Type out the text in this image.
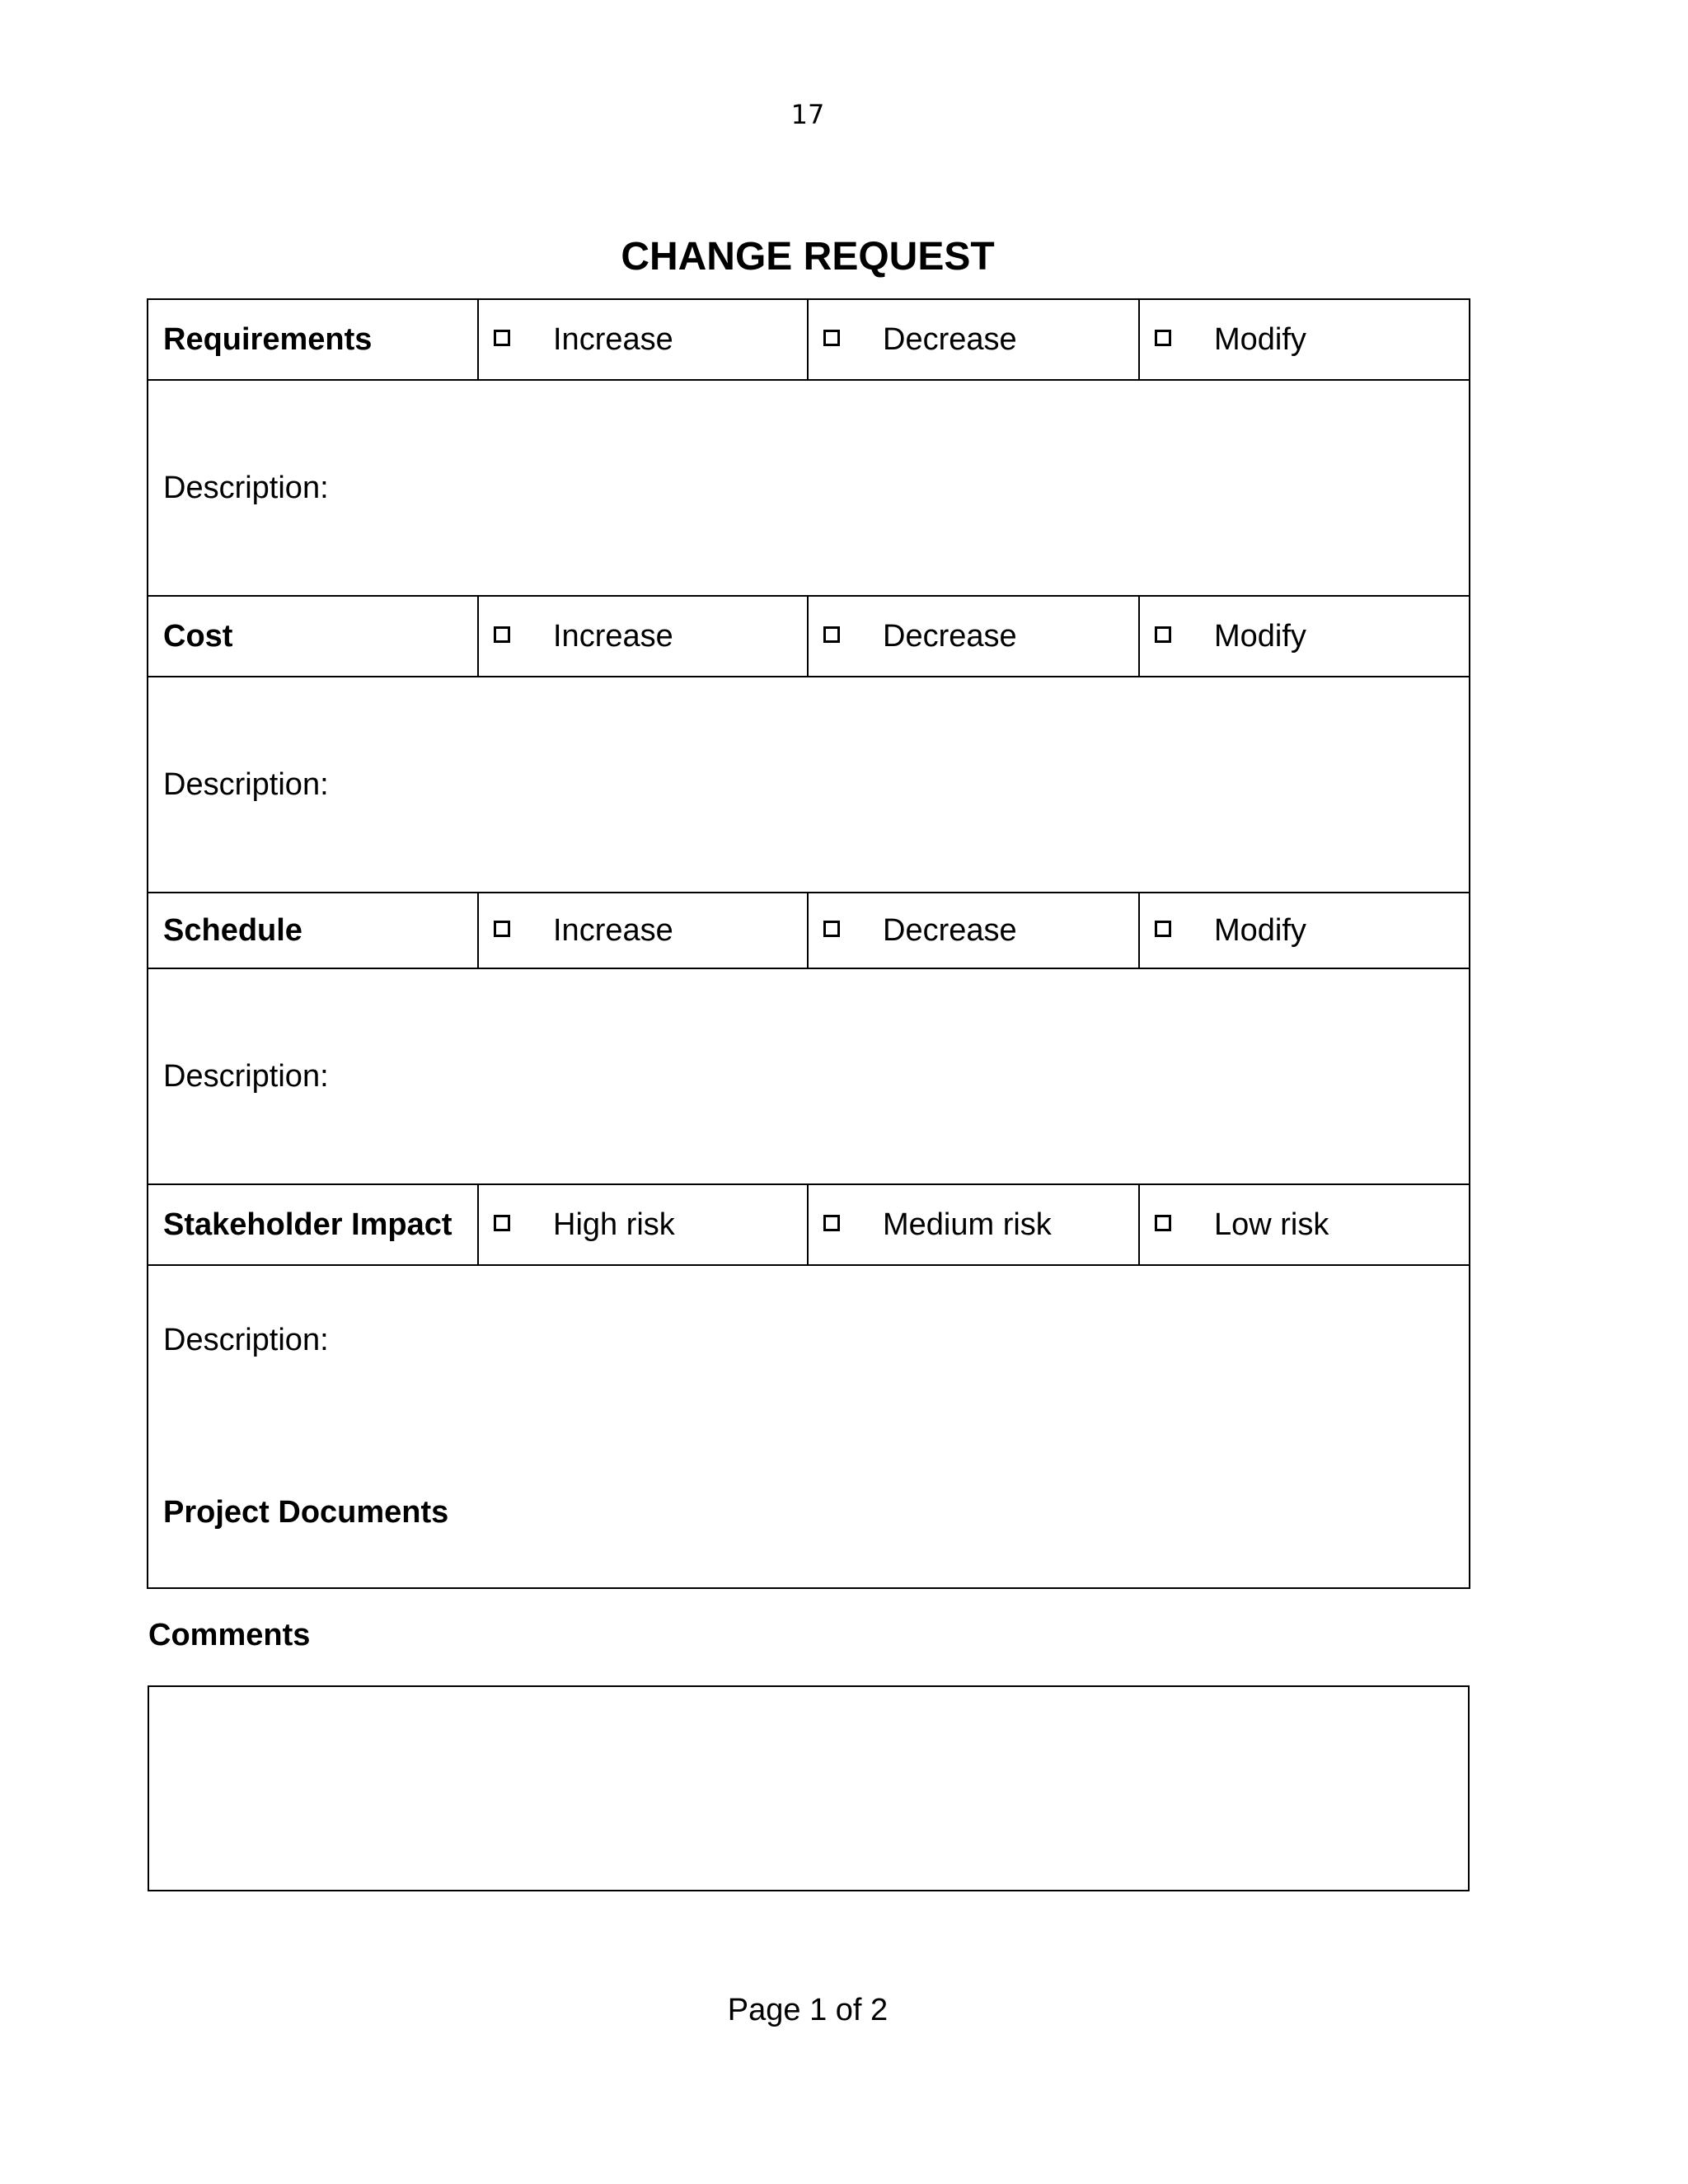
17
CHANGE REQUEST
Requirements	Increase	Decrease	Modify
Description:			
Cost	Increase	Decrease	Modify
Description:			
Schedule	Increase	Decrease	Modify
Description:			
Stakeholder Impact	High risk	Medium risk	Low risk
Description:
Project Documents			
Comments
Page 1 of 2
